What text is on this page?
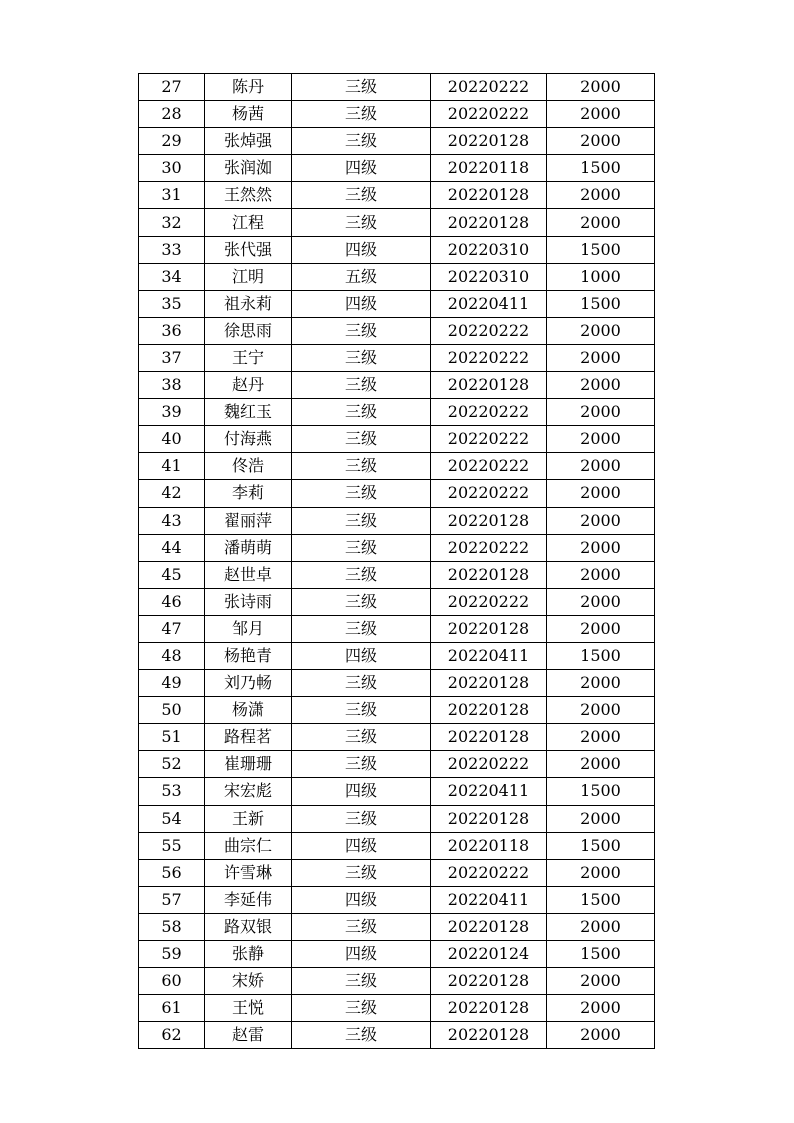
27	陈丹	三级	20220222	2000
28	杨茜	三级	20220222	2000
29	张焯强	三级	20220128	2000
30	张润洳	四级	20220118	1500
31	王然然	三级	20220128	2000
32	江程	三级	20220128	2000
33	张代强	四级	20220310	1500
34	江明	五级	20220310	1000
35	祖永莉	四级	20220411	1500
36	徐思雨	三级	20220222	2000
37	王宁	三级	20220222	2000
38	赵丹	三级	20220128	2000
39	魏红玉	三级	20220222	2000
40	付海燕	三级	20220222	2000
41	佟浩	三级	20220222	2000
42	李莉	三级	20220222	2000
43	翟丽萍	三级	20220128	2000
44	潘萌萌	三级	20220222	2000
45	赵世卓	三级	20220128	2000
46	张诗雨	三级	20220222	2000
47	邹月	三级	20220128	2000
48	杨艳青	四级	20220411	1500
49	刘乃畅	三级	20220128	2000
50	杨潇	三级	20220128	2000
51	路程茗	三级	20220128	2000
52	崔珊珊	三级	20220222	2000
53	宋宏彪	四级	20220411	1500
54	王新	三级	20220128	2000
55	曲宗仁	四级	20220118	1500
56	许雪琳	三级	20220222	2000
57	李延伟	四级	20220411	1500
58	路双银	三级	20220128	2000
59	张静	四级	20220124	1500
60	宋娇	三级	20220128	2000
61	王悦	三级	20220128	2000
62	赵雷	三级	20220128	2000
